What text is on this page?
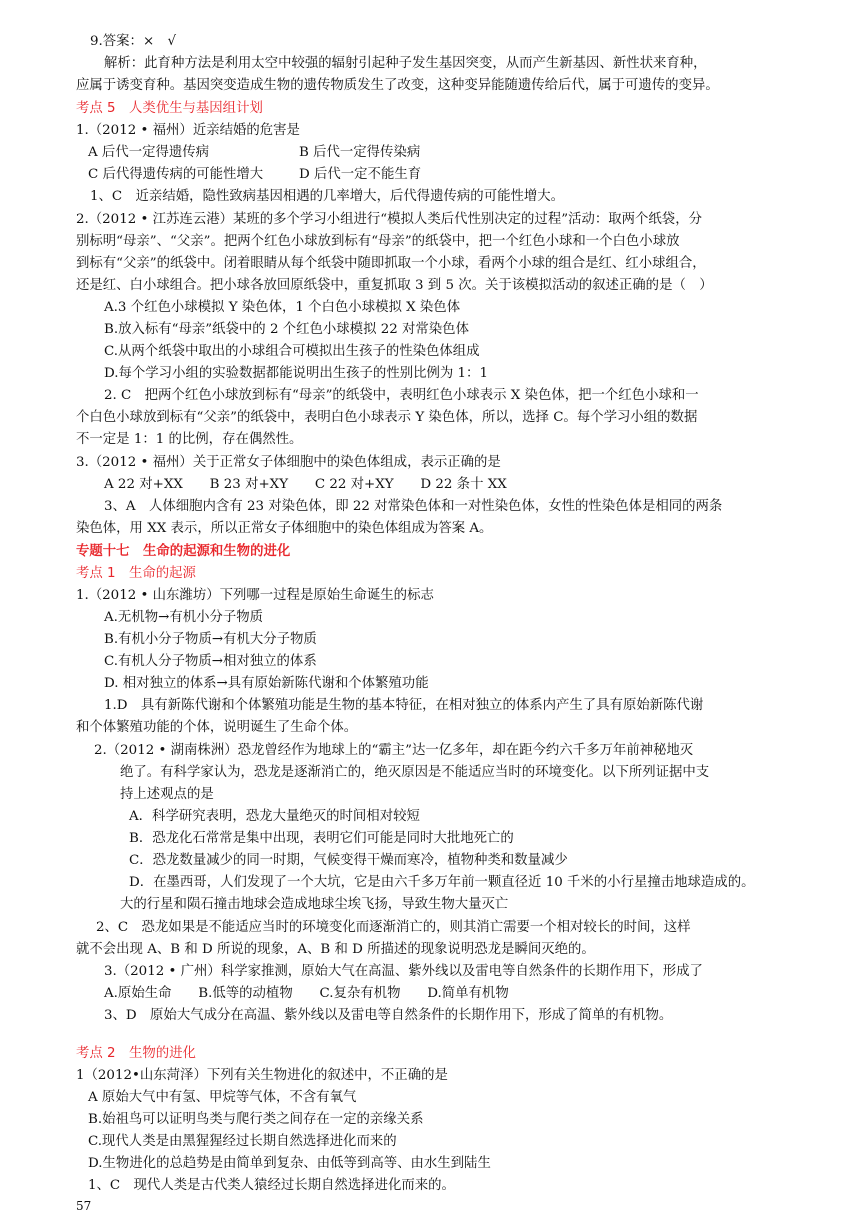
9.答案：×　√
解析：此育种方法是利用太空中较强的辐射引起种子发生基因突变，从而产生新基因、新性状来育种，
应属于诱变育种。基因突变造成生物的遗传物质发生了改变，这种变异能随遗传给后代，属于可遗传的变异。
考点 5　人类优生与基因组计划
1.（2012 • 福州）近亲结婚的危害是
A 后代一定得遗传病	B 后代一定得传染病
C 后代得遗传病的可能性增大	D 后代一定不能生育
1、C　近亲结婚，隐性致病基因相遇的几率增大，后代得遗传病的可能性增大。
2.（2012 • 江苏连云港）某班的多个学习小组进行“模拟人类后代性别决定的过程”活动：取两个纸袋，分
别标明“母亲”、“父亲”。把两个红色小球放到标有“母亲”的纸袋中，把一个红色小球和一个白色小球放
到标有“父亲”的纸袋中。闭着眼睛从每个纸袋中随即抓取一个小球，看两个小球的组合是红、红小球组合，
还是红、白小球组合。把小球各放回原纸袋中，重复抓取 3 到 5 次。关于该模拟活动的叙述正确的是（　）
A.3 个红色小球模拟 Y 染色体，1 个白色小球模拟 X 染色体
B.放入标有“母亲”纸袋中的 2 个红色小球模拟 22 对常染色体
C.从两个纸袋中取出的小球组合可模拟出生孩子的性染色体组成
D.每个学习小组的实验数据都能说明出生孩子的性别比例为 1：1
2. C　把两个红色小球放到标有“母亲”的纸袋中，表明红色小球表示 X 染色体，把一个红色小球和一
个白色小球放到标有“父亲”的纸袋中，表明白色小球表示 Y 染色体，所以，选择 C。每个学习小组的数据
不一定是 1：1 的比例，存在偶然性。
3.（2012 • 福州）关于正常女子体细胞中的染色体组成，表示正确的是
A 22 对+XX　　B 23 对+XY　　C 22 对+XY　　D 22 条十 XX
3、A　人体细胞内含有 23 对染色体，即 22 对常染色体和一对性染色体，女性的性染色体是相同的两条
染色体，用 XX 表示，所以正常女子体细胞中的染色体组成为答案 A。
专题十七　生命的起源和生物的进化
考点 1　生命的起源
1.（2012 • 山东潍坊）下列哪一过程是原始生命诞生的标志
A.无机物→有机小分子物质
B.有机小分子物质→有机大分子物质
C.有机人分子物质→相对独立的体系
D. 相对独立的体系→具有原始新陈代谢和个体繁殖功能
1.D　具有新陈代谢和个体繁殖功能是生物的基本特征，在相对独立的体系内产生了具有原始新陈代谢
和个体繁殖功能的个体，说明诞生了生命个体。
2.（2012 • 湖南株洲）恐龙曾经作为地球上的“霸主”达一亿多年，却在距今约六千多万年前神秘地灭
绝了。有科学家认为，恐龙是逐渐消亡的，绝灭原因是不能适应当时的环境变化。以下所列证据中支
持上述观点的是
A．科学研究表明，恐龙大量绝灭的时间相对较短
B．恐龙化石常常是集中出现，表明它们可能是同时大批地死亡的
C．恐龙数量减少的同一时期，气候变得干燥而寒冷，植物种类和数量减少
D．在墨西哥，人们发现了一个大坑，它是由六千多万年前一颗直径近 10 千米的小行星撞击地球造成的。
大的行星和陨石撞击地球会造成地球尘埃飞扬，导致生物大量灭亡
2、C　恐龙如果是不能适应当时的环境变化而逐渐消亡的，则其消亡需要一个相对较长的时间，这样
就不会出现 A、B 和 D 所说的现象，A、B 和 D 所描述的现象说明恐龙是瞬间灭绝的。
3.（2012 • 广州）科学家推测，原始大气在高温、紫外线以及雷电等自然条件的长期作用下，形成了
A.原始生命　　B.低等的动植物　　C.复杂有机物　　D.简单有机物
3、D　原始大气成分在高温、紫外线以及雷电等自然条件的长期作用下，形成了简单的有机物。
考点 2　生物的进化
1（2012•山东菏泽）下列有关生物进化的叙述中，不正确的是
A 原始大气中有氢、甲烷等气体，不含有氧气
B.始祖鸟可以证明鸟类与爬行类之间存在一定的亲缘关系
C.现代人类是由黑猩猩经过长期自然选择进化而来的
D.生物进化的总趋势是由简单到复杂、由低等到高等、由水生到陆生
1、C　现代人类是古代类人猿经过长期自然选择进化而来的。
57
